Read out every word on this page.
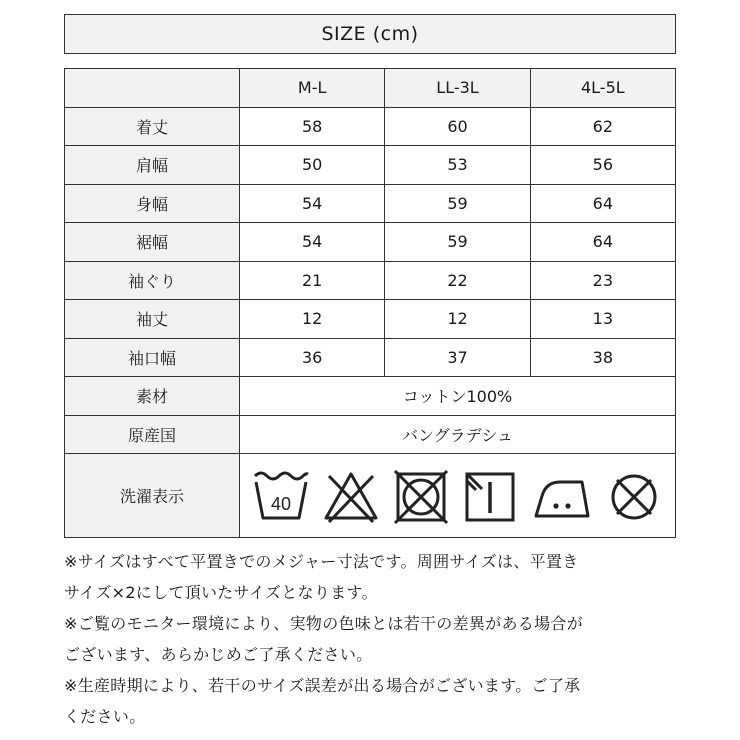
SIZE (cm)
	M-L	LL-3L	4L-5L
着丈	58	60	62
肩幅	50	53	56
身幅	54	59	64
裾幅	54	59	64
袖ぐり	21	22	23
袖丈	12	12	13
袖口幅	36	37	38
素材	コットン100%		
原産国	バングラデシュ		
洗濯表示	40		

※サイズはすべて平置きでのメジャー寸法です。周囲サイズは、平置き

サイズ×2にして頂いたサイズとなります。

※ご覧のモニター環境により、実物の色味とは若干の差異がある場合が

ございます、あらかじめご了承ください。

※生産時期により、若干のサイズ誤差が出る場合がございます。ご了承

ください。
